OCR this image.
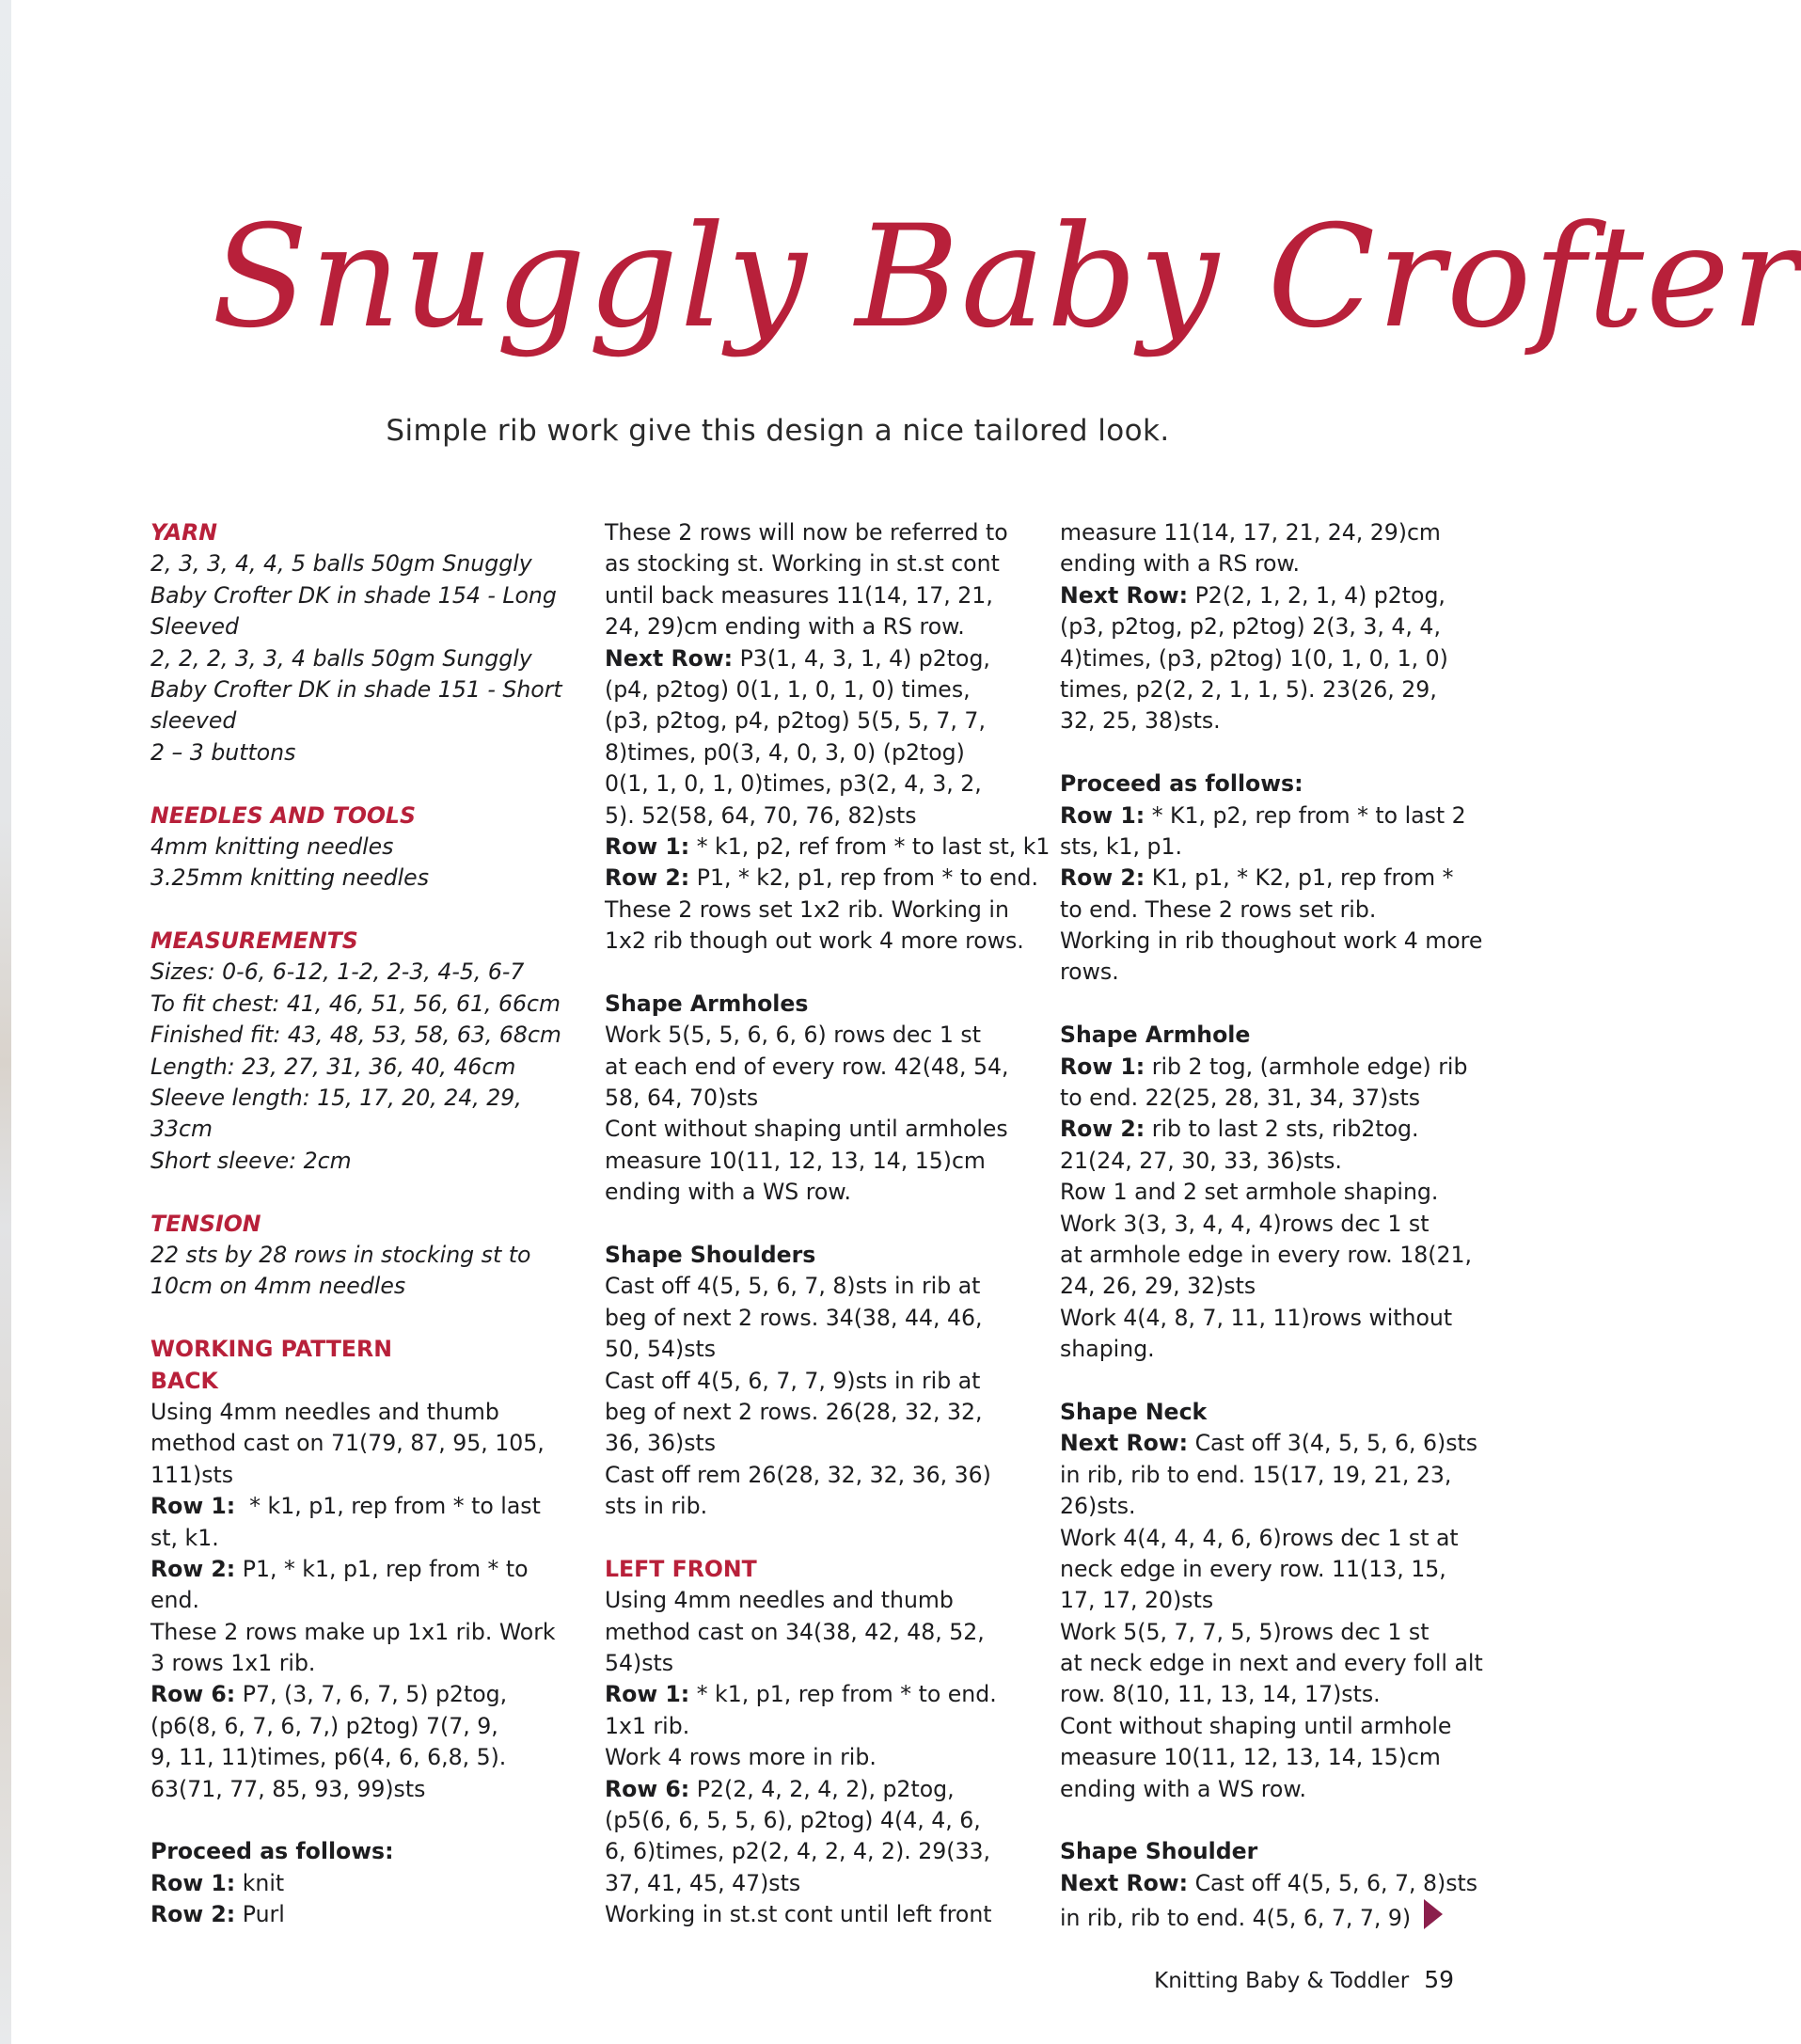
Snuggly Baby Crofter
Simple rib work give this design a nice tailored look.
YARN
2, 3, 3, 4, 4, 5 balls 50gm Snuggly
Baby Crofter DK in shade 154 - Long
Sleeved
2, 2, 2, 3, 3, 4 balls 50gm Sunggly
Baby Crofter DK in shade 151 - Short
sleeved
2 – 3 buttons
NEEDLES AND TOOLS
4mm knitting needles
3.25mm knitting needles
MEASUREMENTS
Sizes: 0-6, 6-12, 1-2, 2-3, 4-5, 6-7
To fit chest: 41, 46, 51, 56, 61, 66cm
Finished fit: 43, 48, 53, 58, 63, 68cm
Length: 23, 27, 31, 36, 40, 46cm
Sleeve length: 15, 17, 20, 24, 29,
33cm
Short sleeve: 2cm
TENSION
22 sts by 28 rows in stocking st to
10cm on 4mm needles
WORKING PATTERN
BACK
Using 4mm needles and thumb
method cast on 71(79, 87, 95, 105,
111)sts
Row 1:  * k1, p1, rep from * to last
st, k1.
Row 2: P1, * k1, p1, rep from * to
end.
These 2 rows make up 1x1 rib. Work
3 rows 1x1 rib.
Row 6: P7, (3, 7, 6, 7, 5) p2tog,
(p6(8, 6, 7, 6, 7,) p2tog) 7(7, 9,
9, 11, 11)times, p6(4, 6, 6,8, 5).
63(71, 77, 85, 93, 99)sts
Proceed as follows:
Row 1: knit
Row 2: Purl
These 2 rows will now be referred to
as stocking st. Working in st.st cont
until back measures 11(14, 17, 21,
24, 29)cm ending with a RS row.
Next Row: P3(1, 4, 3, 1, 4) p2tog,
(p4, p2tog) 0(1, 1, 0, 1, 0) times,
(p3, p2tog, p4, p2tog) 5(5, 5, 7, 7,
8)times, p0(3, 4, 0, 3, 0) (p2tog)
0(1, 1, 0, 1, 0)times, p3(2, 4, 3, 2,
5). 52(58, 64, 70, 76, 82)sts
Row 1: * k1, p2, ref from * to last st, k1
Row 2: P1, * k2, p1, rep from * to end.
These 2 rows set 1x2 rib. Working in
1x2 rib though out work 4 more rows.
Shape Armholes
Work 5(5, 5, 6, 6, 6) rows dec 1 st
at each end of every row. 42(48, 54,
58, 64, 70)sts
Cont without shaping until armholes
measure 10(11, 12, 13, 14, 15)cm
ending with a WS row.
Shape Shoulders
Cast off 4(5, 5, 6, 7, 8)sts in rib at
beg of next 2 rows. 34(38, 44, 46,
50, 54)sts
Cast off 4(5, 6, 7, 7, 9)sts in rib at
beg of next 2 rows. 26(28, 32, 32,
36, 36)sts
Cast off rem 26(28, 32, 32, 36, 36)
sts in rib.
LEFT FRONT
Using 4mm needles and thumb
method cast on 34(38, 42, 48, 52,
54)sts
Row 1: * k1, p1, rep from * to end.
1x1 rib.
Work 4 rows more in rib.
Row 6: P2(2, 4, 2, 4, 2), p2tog,
(p5(6, 6, 5, 5, 6), p2tog) 4(4, 4, 6,
6, 6)times, p2(2, 4, 2, 4, 2). 29(33,
37, 41, 45, 47)sts
Working in st.st cont until left front
measure 11(14, 17, 21, 24, 29)cm
ending with a RS row.
Next Row: P2(2, 1, 2, 1, 4) p2tog,
(p3, p2tog, p2, p2tog) 2(3, 3, 4, 4,
4)times, (p3, p2tog) 1(0, 1, 0, 1, 0)
times, p2(2, 2, 1, 1, 5). 23(26, 29,
32, 25, 38)sts.
Proceed as follows:
Row 1: * K1, p2, rep from * to last 2
sts, k1, p1.
Row 2: K1, p1, * K2, p1, rep from *
to end. These 2 rows set rib.
Working in rib thoughout work 4 more
rows.
Shape Armhole
Row 1: rib 2 tog, (armhole edge) rib
to end. 22(25, 28, 31, 34, 37)sts
Row 2: rib to last 2 sts, rib2tog.
21(24, 27, 30, 33, 36)sts.
Row 1 and 2 set armhole shaping.
Work 3(3, 3, 4, 4, 4)rows dec 1 st
at armhole edge in every row. 18(21,
24, 26, 29, 32)sts
Work 4(4, 8, 7, 11, 11)rows without
shaping.
Shape Neck
Next Row: Cast off 3(4, 5, 5, 6, 6)sts
in rib, rib to end. 15(17, 19, 21, 23,
26)sts.
Work 4(4, 4, 4, 6, 6)rows dec 1 st at
neck edge in every row. 11(13, 15,
17, 17, 20)sts
Work 5(5, 7, 7, 5, 5)rows dec 1 st
at neck edge in next and every foll alt
row. 8(10, 11, 13, 14, 17)sts.
Cont without shaping until armhole
measure 10(11, 12, 13, 14, 15)cm
ending with a WS row.
Shape Shoulder
Next Row: Cast off 4(5, 5, 6, 7, 8)sts
in rib, rib to end. 4(5, 6, 7, 7, 9)
Knitting Baby & Toddler 59
